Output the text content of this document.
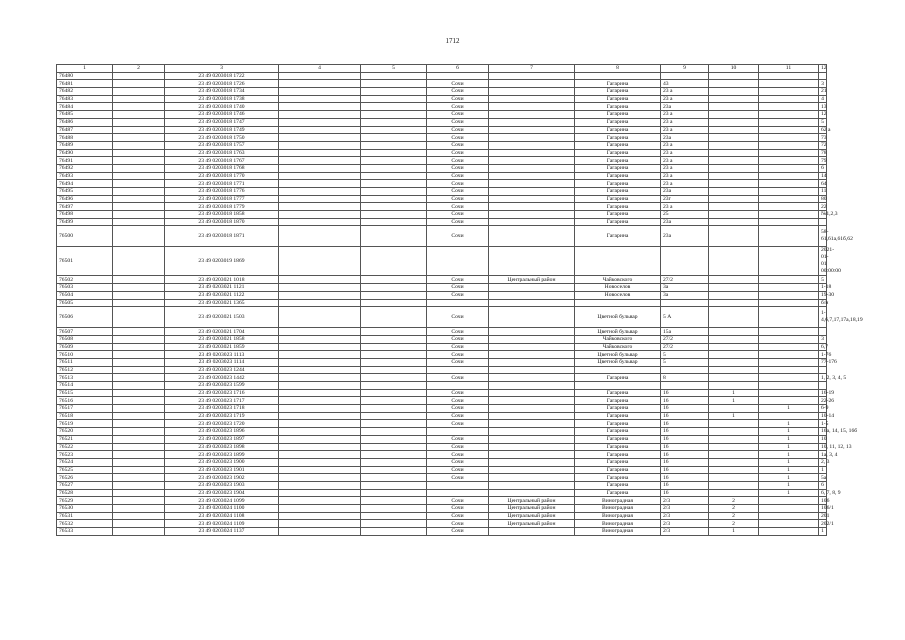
1712
1	2	3	4	5	6	7	8	9	10	11	12
76480		23 49 0203018 1722									
76481		23 49 0203018 1726			Сочи		Гагарина	43			3
76482		23 49 0203018 1734			Сочи		Гагарина	23 а			21
76483		23 49 0203018 1738			Сочи		Гагарина	23 а			4
76484		23 49 0203018 1740			Сочи		Гагарина	23а			13
76485		23 49 0203018 1746			Сочи		Гагарина	23 а			12
76486		23 49 0203018 1747			Сочи		Гагарина	23 а			5
76487		23 49 0203018 1749			Сочи		Гагарина	23 а			62 а
76488		23 49 0203018 1750			Сочи		Гагарина	23а			73
76489		23 49 0203018 1757			Сочи		Гагарина	23 а			72
76490		23 49 0203018 1763			Сочи		Гагарина	23 а			78
76491		23 49 0203018 1767			Сочи		Гагарина	23 а			79
76492		23 49 0203018 1768			Сочи		Гагарина	23 а			6
76493		23 49 0203018 1770			Сочи		Гагарина	23 а			14
76494		23 49 0203018 1771			Сочи		Гагарина	23 а			64
76495		23 49 0203018 1776			Сочи		Гагарина	23а			11
76496		23 49 0203018 1777			Сочи		Гагарина	23г			80
76497		23 49 0203018 1779			Сочи		Гагарина	23 а			22
76498		23 49 0203018 1858			Сочи		Гагарина	25			№1,2,3
76499		23 49 0203018 1870			Сочи		Гагарина	23а			
76500		23 49 0203018 1871			Сочи		Гагарина	23а			58-61,61а,61б,62
76501		23 49 0203019 1869									2021-01-01 00:00:00
76502		23 49 0203021 1018			Сочи	Центральный район	Чайковского	27/2			5
76503		23 49 0203021 1121			Сочи		Новоселов	3а			1-18
76504		23 49 0203021 1122			Сочи		Новоселов	3а			19-30
76505		23 49 0203021 1365									б/н
76506		23 49 0203021 1503			Сочи		Цветной бульвар	5 А			1-4,6,7,17,17а,18,19
76507		23 49 0203021 1704			Сочи		Цветной бульвар	15а			
76508		23 49 0203021 1858			Сочи		Чайковского	27/2			3
76509		23 49 0203021 1859			Сочи		Чайковского	27/2			6,7
76510		23 49 0203023 1113			Сочи		Цветной бульвар	5			1-76
76511		23 49 0203023 1114			Сочи		Цветной бульвар	5			77-176
76512		23 49 0203023 1244									
76513		23 49 0203023 1442			Сочи		Гагарина	8			1, 2, 3, 4, 5
76514		23 49 0203023 1599									
76515		23 49 0203023 1716			Сочи		Гагарина	16	1		16-19
76516		23 49 0203023 1717			Сочи		Гагарина	16	1		22-26
76517		23 49 0203023 1718			Сочи		Гагарина	16		1	6-9
76518		23 49 0203023 1719			Сочи		Гагарина	16	1		10-14
76519		23 49 0203023 1720			Сочи		Гагарина	16		1	1-5
76520		23 49 0203023 1896					Гагарина	16		1	16а, 14, 15, 16б
76521		23 49 0203023 1897			Сочи		Гагарина	16		1	10
76522		23 49 0203023 1898			Сочи		Гагарина	16		1	10, 11, 12, 13
76523		23 49 0203023 1899			Сочи		Гагарина	16		1	1а, 3, 4
76524		23 49 0203023 1900			Сочи		Гагарина	16		1	2, 3
76525		23 49 0203023 1901			Сочи		Гагарина	16		1	1
76526		23 49 0203023 1902			Сочи		Гагарина	16		1	5а
76527		23 49 0203023 1903					Гагарина	16		1	6
76528		23 49 0203023 1904					Гагарина	16		1	6, 7, 8, 9
76529		23 49 0203024 1099			Сочи	Центральный район	Виноградная	2/3	2		106
76530		23 49 0203024 1100			Сочи	Центральный район	Виноградная	2/3	2		106/1
76531		23 49 0203024 1108			Сочи	Центральный район	Виноградная	2/3	2		201
76532		23 49 0203024 1109			Сочи	Центральный район	Виноградная	2/3	2		202/1
76533		23 49 0203024 1137			Сочи		Виноградная	2/3	1		1
